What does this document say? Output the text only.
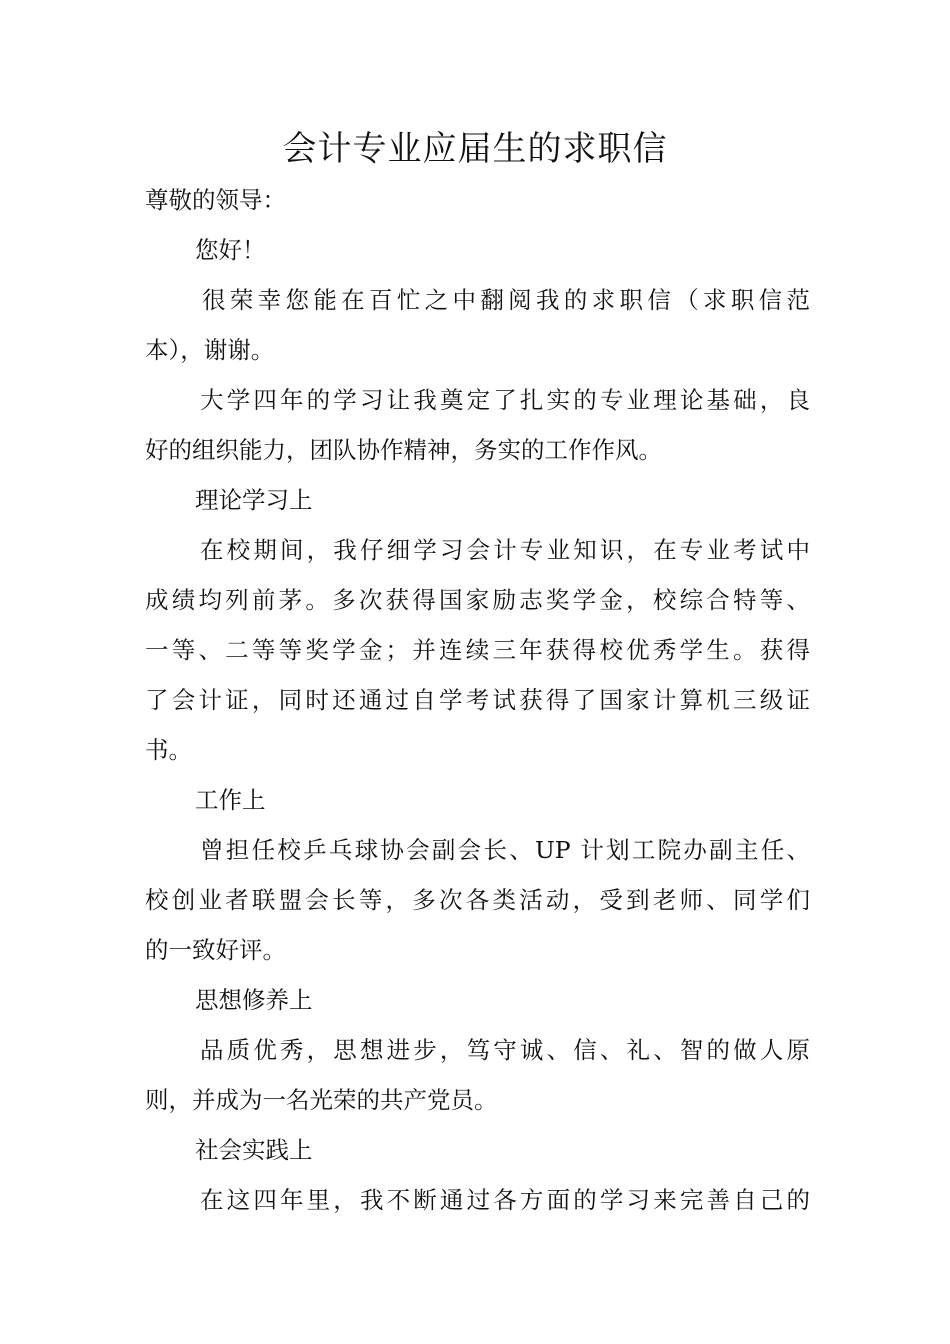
会计专业应届生的求职信

尊敬的领导：

您好！

很荣幸您能在百忙之中翻阅我的求职信（求职信范

本），谢谢。

大学四年的学习让我奠定了扎实的专业理论基础，良

好的组织能力，团队协作精神，务实的工作作风。

理论学习上

在校期间，我仔细学习会计专业知识，在专业考试中

成绩均列前茅。多次获得国家励志奖学金，校综合特等、

一等、二等等奖学金；并连续三年获得校优秀学生。获得

了会计证，同时还通过自学考试获得了国家计算机三级证

书。

工作上

曾担任校乒乓球协会副会长、UP 计划工院办副主任、

校创业者联盟会长等，多次各类活动，受到老师、同学们

的一致好评。

思想修养上

品质优秀，思想进步，笃守诚、信、礼、智的做人原

则，并成为一名光荣的共产党员。

社会实践上

在这四年里，我不断通过各方面的学习来完善自己的
